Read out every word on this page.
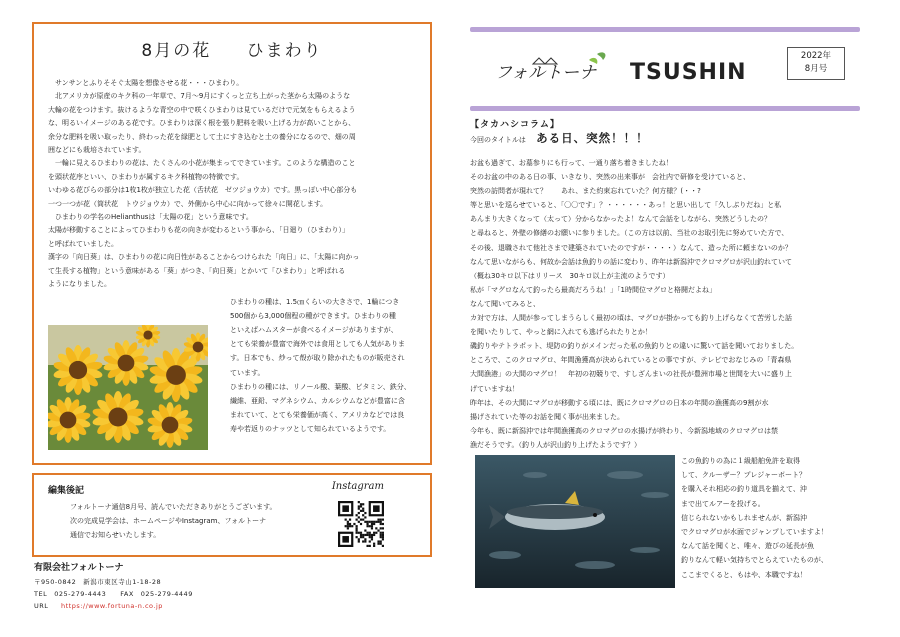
8月の花 ひまわり

　サンサンとふりそそぐ太陽を想像させる花・・・ひまわり。

　北アメリカが原産のキク科の一年草で、7月～9月にすくっと立ち上がった茎から太陽のような

大輪の花をつけます。抜けるような青空の中で咲くひまわりは見ているだけで元気をもらえるよう

な、明るいイメージのある花です。ひまわりは深く根を張り肥料を吸い上げる力が高いことから、

余分な肥料を吸い取ったり、終わった花を緑肥として土にすき込むと土の養分になるので、畑の周

囲などにも栽培されています。

　一輪に見えるひまわりの花は、たくさんの小花が集まってできています。このような構造のこと

を頭状花序といい、ひまわりが属するキク科植物の特徴です。

いわゆる花びらの部分は1枚1枚が独立した花（舌状花　ゼツジョウカ）です。黒っぽい中心部分も

一つ一つが花（筒状花　トウジョウカ）で、外側から中心に向かって徐々に開花します。

　ひまわりの学名のHelianthusは「太陽の花」という意味です。

太陽が移動することによってひまわりも花の向きが変わるという事から、「日廻り（ひまわり）」

と呼ばれていました。

漢字の「向日葵」は、ひまわりの花に向日性があることからつけられた「向日」に、「太陽に向かっ

て生長する植物」という意味がある「葵」がつき、「向日葵」とかいて「ひまわり」と呼ばれる

ようになりました。

ひまわりの種は、1.5㎝くらいの大きさで、1輪につき

500個から3,000個程の種ができます。ひまわりの種

といえばハムスターが食べるイメージがありますが、

とても栄養が豊富で海外では食用としても人気がありま

す。日本でも、炒って殻が取り除かれたものが販売され

ています。

ひまわりの種には、リノール酸、葉酸、ビタミン、鉄分、

繊維、亜鉛、マグネシウム、カルシウムなどが豊富に含

まれていて、とても栄養価が高く、アメリカなどでは良

寿や若返りのナッツとして知られているようです。

編集後記
フォルトーナ通信8月号、読んでいただきありがとうございます。
次の完成見学会は、ホームページやInstagram、フォルトーナ
通信でお知らせいたします。
Instagram
有限会社フォルトーナ
〒950-0842　新潟市東区寺山1-18-28
TEL　025-279-4443　　FAX　025-279-4449
URL https://www.fortuna-n.co.jp
フォルトーナ TSUSHIN
2022年
8月号
【タカハシコラム】
今回のタイトルは ある日、突然！！！

お盆も過ぎて、お墓参りにも行って、一通り落ち着きましたね！

そのお盆の中のある日の事、いきなり、突然の出来事が　会社内で研修を受けていると、

突然の訪問者が現れて？　　あれ、また約束忘れていた？何方様？(・・?

等と思いを巡らせていると、「〇〇です」？・・・・・・あっ！と思い出して「久しぶりだね」と私

あんまり大きくなって（太って）分からなかったよ！なんて会話をしながら、突然どうしたの？

と尋ねると、外壁の修繕のお願いに参りました。（この方は以前、当社のお取引先に努めていた方で、

その後、退職されて他社さまで建築されていたのですが・・・・）なんて、造った所に頼まないのか？

なんて思いながらも、何故か会話は魚釣りの話に変わり、昨年は新潟沖でクロマグロが沢山釣れていて

（概ね30キロ以下はリリース　30キロ以上が主流のようです）

私が「マグロなんて釣ったら最高だろうね！」「1時間位マグロと格闘だよね」

なんて聞いてみると、

カ対で方は、人間が参ってしまうらしく最初の頃は、マグロが掛かっても釣り上げらなくて苦労した話

を聞いたりして、やっと網に入れても逃げられたりとか！

磯釣りやテトラポット、堤防の釣りがメインだった私の魚釣りとの違いに驚いて話を聞いておりました。

ところで、このクロマグロ、年間漁獲高が決められているとの事ですが、テレビでおなじみの「青森県

大間漁港」の大間のマグロ！　年初の初競りで、すしざんまいの社長が豊洲市場と世間を大いに盛り上

げていますね！

昨年は、その大間にマグロが移動する頃には、既にクロマグロの日本の年間の漁獲高の9割が水

揚げされていた等のお話を聞く事が出来ました。

今年も、既に新潟沖では年間漁獲高のクロマグロの水揚げが終わり、今新潟地域のクロマグロは禁

漁だそうです。（釣り人が沢山釣り上げたようです？）

この魚釣りの為に１級船舶免許を取得

して、クルーザー？プレジャーボート？

を購入それ相応の釣り道具を揃えて、沖

まで出てルアーを投げる。

信じられないかもしれませんが、新潟沖

でクロマグロが水面でジャンプしていますよ！

なんて話を聞くと、唯々、遊びの延長が魚

釣りなんて軽い気持ちでとらえていたものが、

ここまでくると、もはや、本職ですね！
